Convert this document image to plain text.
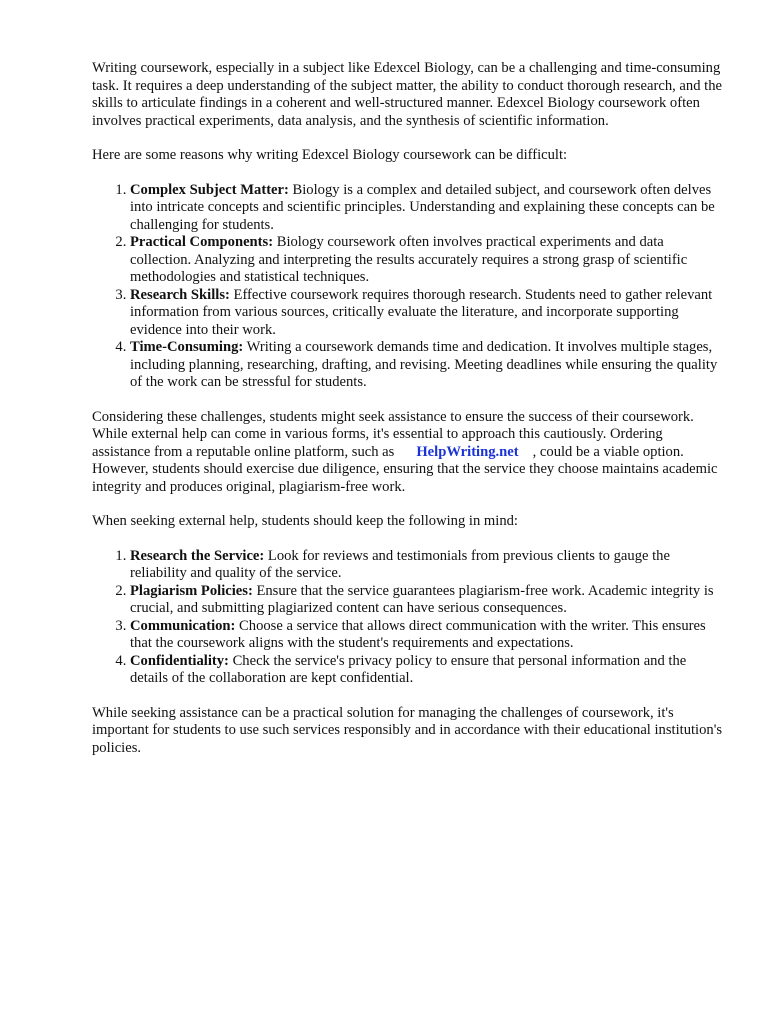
Writing coursework, especially in a subject like Edexcel Biology, can be a challenging and time-consuming task. It requires a deep understanding of the subject matter, the ability to conduct thorough research, and the skills to articulate findings in a coherent and well-structured manner. Edexcel Biology coursework often involves practical experiments, data analysis, and the synthesis of scientific information.

Here are some reasons why writing Edexcel Biology coursework can be difficult:

1. Complex Subject Matter: Biology is a complex and detailed subject, and coursework often delves into intricate concepts and scientific principles. Understanding and explaining these concepts can be challenging for students.
2. Practical Components: Biology coursework often involves practical experiments and data collection. Analyzing and interpreting the results accurately requires a strong grasp of scientific methodologies and statistical techniques.
3. Research Skills: Effective coursework requires thorough research. Students need to gather relevant information from various sources, critically evaluate the literature, and incorporate supporting evidence into their work.
4. Time-Consuming: Writing a coursework demands time and dedication. It involves multiple stages, including planning, researching, drafting, and revising. Meeting deadlines while ensuring the quality of the work can be stressful for students.

Considering these challenges, students might seek assistance to ensure the success of their coursework. While external help can come in various forms, it's essential to approach this cautiously. Ordering assistance from a reputable online platform, such as HelpWriting.net , could be a viable option. However, students should exercise due diligence, ensuring that the service they choose maintains academic integrity and produces original, plagiarism-free work.

When seeking external help, students should keep the following in mind:

1. Research the Service: Look for reviews and testimonials from previous clients to gauge the reliability and quality of the service.
2. Plagiarism Policies: Ensure that the service guarantees plagiarism-free work. Academic integrity is crucial, and submitting plagiarized content can have serious consequences.
3. Communication: Choose a service that allows direct communication with the writer. This ensures that the coursework aligns with the student's requirements and expectations.
4. Confidentiality: Check the service's privacy policy to ensure that personal information and the details of the collaboration are kept confidential.

While seeking assistance can be a practical solution for managing the challenges of coursework, it's important for students to use such services responsibly and in accordance with their educational institution's policies.
